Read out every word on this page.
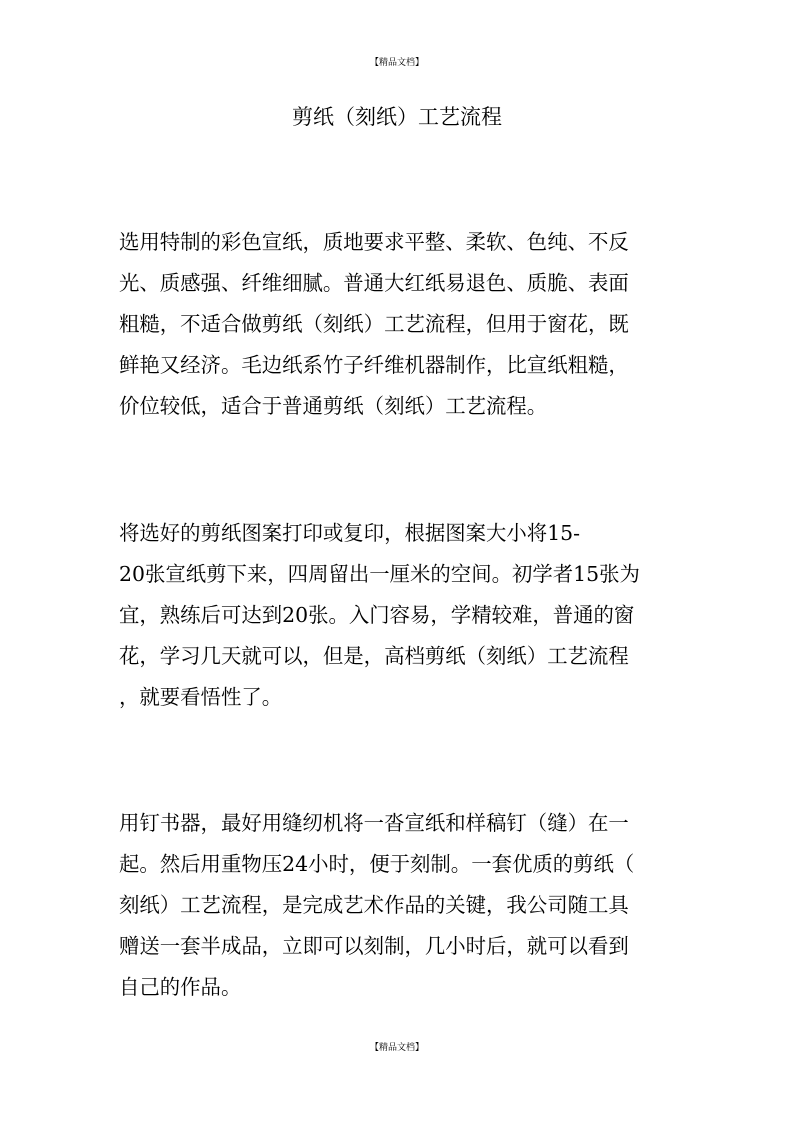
【精品文档】
剪纸（刻纸）工艺流程
选用特制的彩色宣纸，质地要求平整、柔软、色纯、不反
光、质感强、纤维细腻。普通大红纸易退色、质脆、表面
粗糙，不适合做剪纸（刻纸）工艺流程，但用于窗花，既
鲜艳又经济。毛边纸系竹子纤维机器制作，比宣纸粗糙，
价位较低，适合于普通剪纸（刻纸）工艺流程。
将选好的剪纸图案打印或复印，根据图案大小将15-
20张宣纸剪下来，四周留出一厘米的空间。初学者15张为
宜，熟练后可达到20张。入门容易，学精较难，普通的窗
花，学习几天就可以，但是，高档剪纸（刻纸）工艺流程
，就要看悟性了。
用钉书器，最好用缝纫机将一沓宣纸和样稿钉（缝）在一
起。然后用重物压24小时，便于刻制。一套优质的剪纸（
刻纸）工艺流程，是完成艺术作品的关键，我公司随工具
赠送一套半成品，立即可以刻制，几小时后，就可以看到
自己的作品。
【精品文档】
